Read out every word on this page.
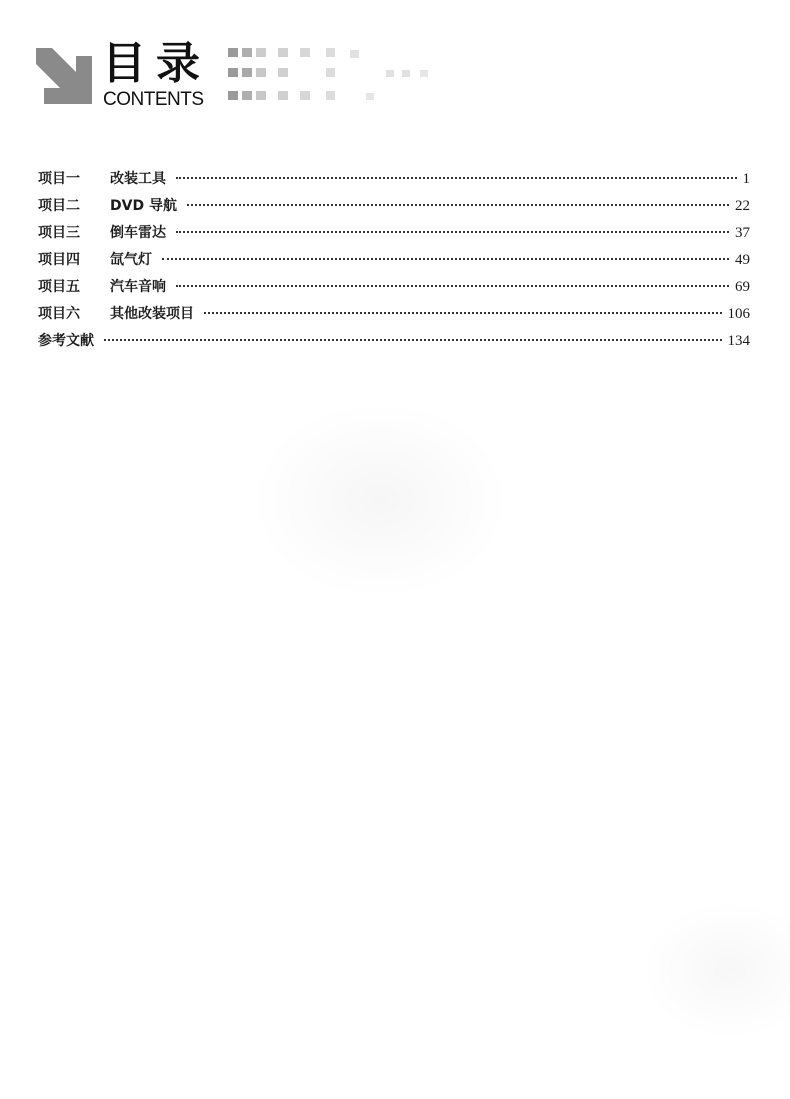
目录
CONTENTS
项目一	改装工具	1
项目二	DVD 导航	22
项目三	倒车雷达	37
项目四	氙气灯	49
项目五	汽车音响	69
项目六	其他改装项目	106
参考文献	134
